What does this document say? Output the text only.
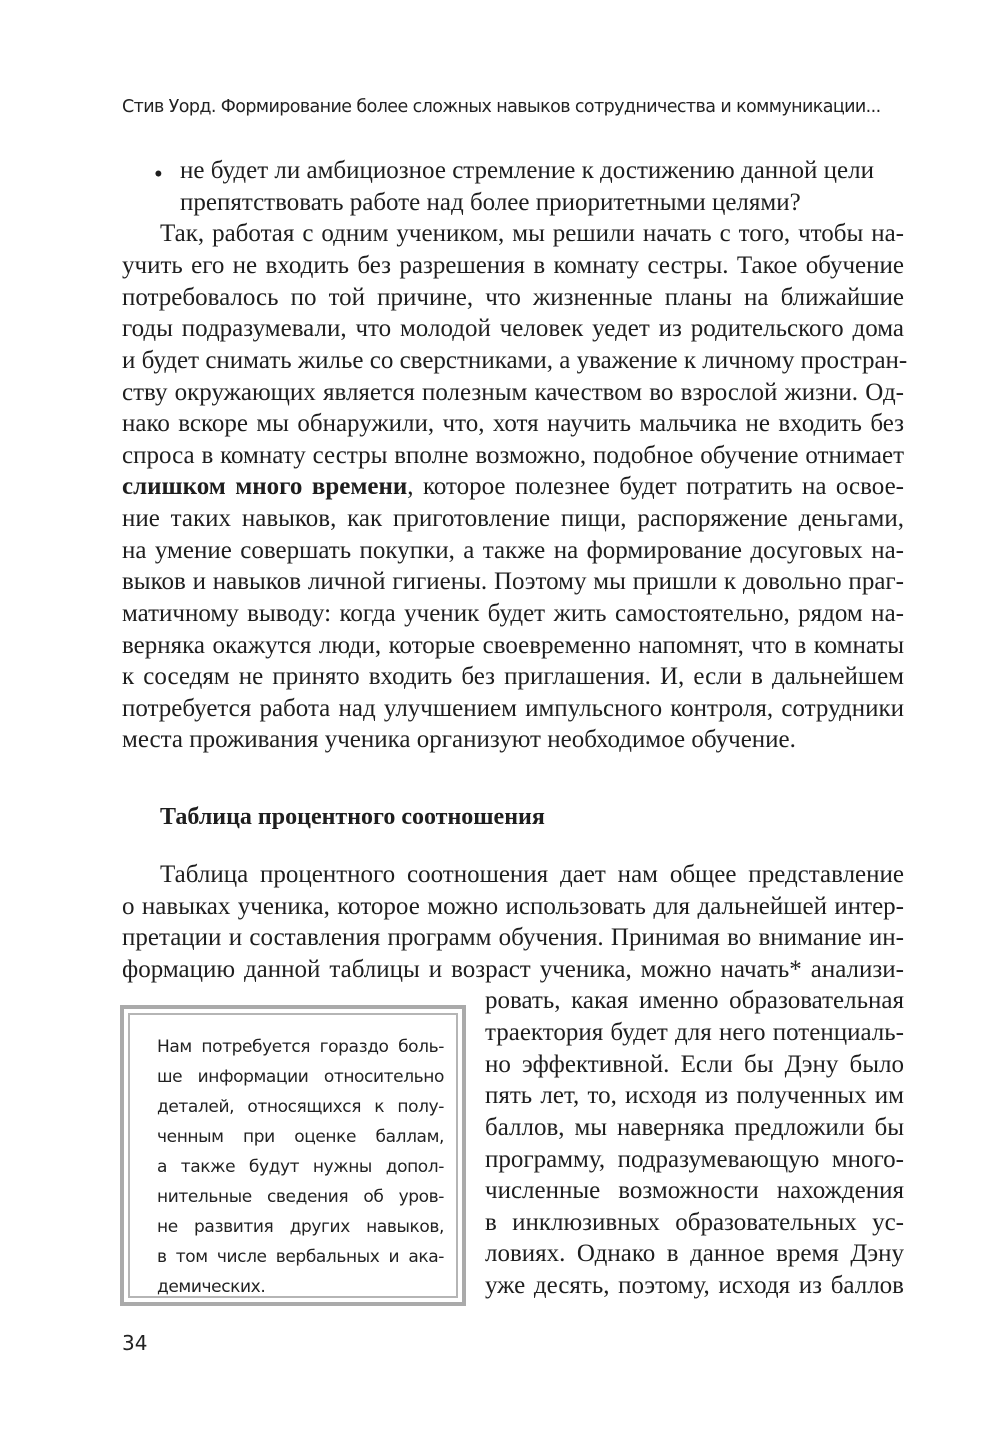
Стив Уорд. Формирование более сложных навыков сотрудничества и коммуникации...
• не будет ли амбициозное стремление к достижению данной цели
препятствовать работе над более приоритетными целями?
Так, работая с одним учеником, мы решили начать с того, чтобы на-
учить его не входить без разрешения в комнату сестры. Такое обучение
потребовалось по той причине, что жизненные планы на ближайшие
годы подразумевали, что молодой человек уедет из родительского дома
и будет снимать жилье со сверстниками, а уважение к личному простран-
ству окружающих является полезным качеством во взрослой жизни. Од-
нако вскоре мы обнаружили, что, хотя научить мальчика не входить без
спроса в комнату сестры вполне возможно, подобное обучение отнимает
слишком много времени, которое полезнее будет потратить на освое-
ние таких навыков, как приготовление пищи, распоряжение деньгами,
на умение совершать покупки, а также на формирование досуговых на-
выков и навыков личной гигиены. Поэтому мы пришли к довольно праг-
матичному выводу: когда ученик будет жить самостоятельно, рядом на-
верняка окажутся люди, которые своевременно напомнят, что в комнаты
к соседям не принято входить без приглашения. И, если в дальнейшем
потребуется работа над улучшением импульсного контроля, сотрудники
места проживания ученика организуют необходимое обучение.
Таблица процентного соотношения
Таблица процентного соотношения дает нам общее представление
о навыках ученика, которое можно использовать для дальнейшей интер-
претации и составления программ обучения. Принимая во внимание ин-
формацию данной таблицы и возраст ученика, можно начать* анализи-
ровать, какая именно образовательная
траектория будет для него потенциаль-
но эффективной. Если бы Дэну было
пять лет, то, исходя из полученных им
баллов, мы наверняка предложили бы
программу, подразумевающую много-
численные возможности нахождения
в инклюзивных образовательных ус-
ловиях. Однако в данное время Дэну
уже десять, поэтому, исходя из баллов
Нам потребуется гораздо боль-
ше информации относительно
деталей, относящихся к полу-
ченным при оценке баллам,
а также будут нужны допол-
нительные сведения об уров-
не развития других навыков,
в том числе вербальных и ака-
демических.
34
